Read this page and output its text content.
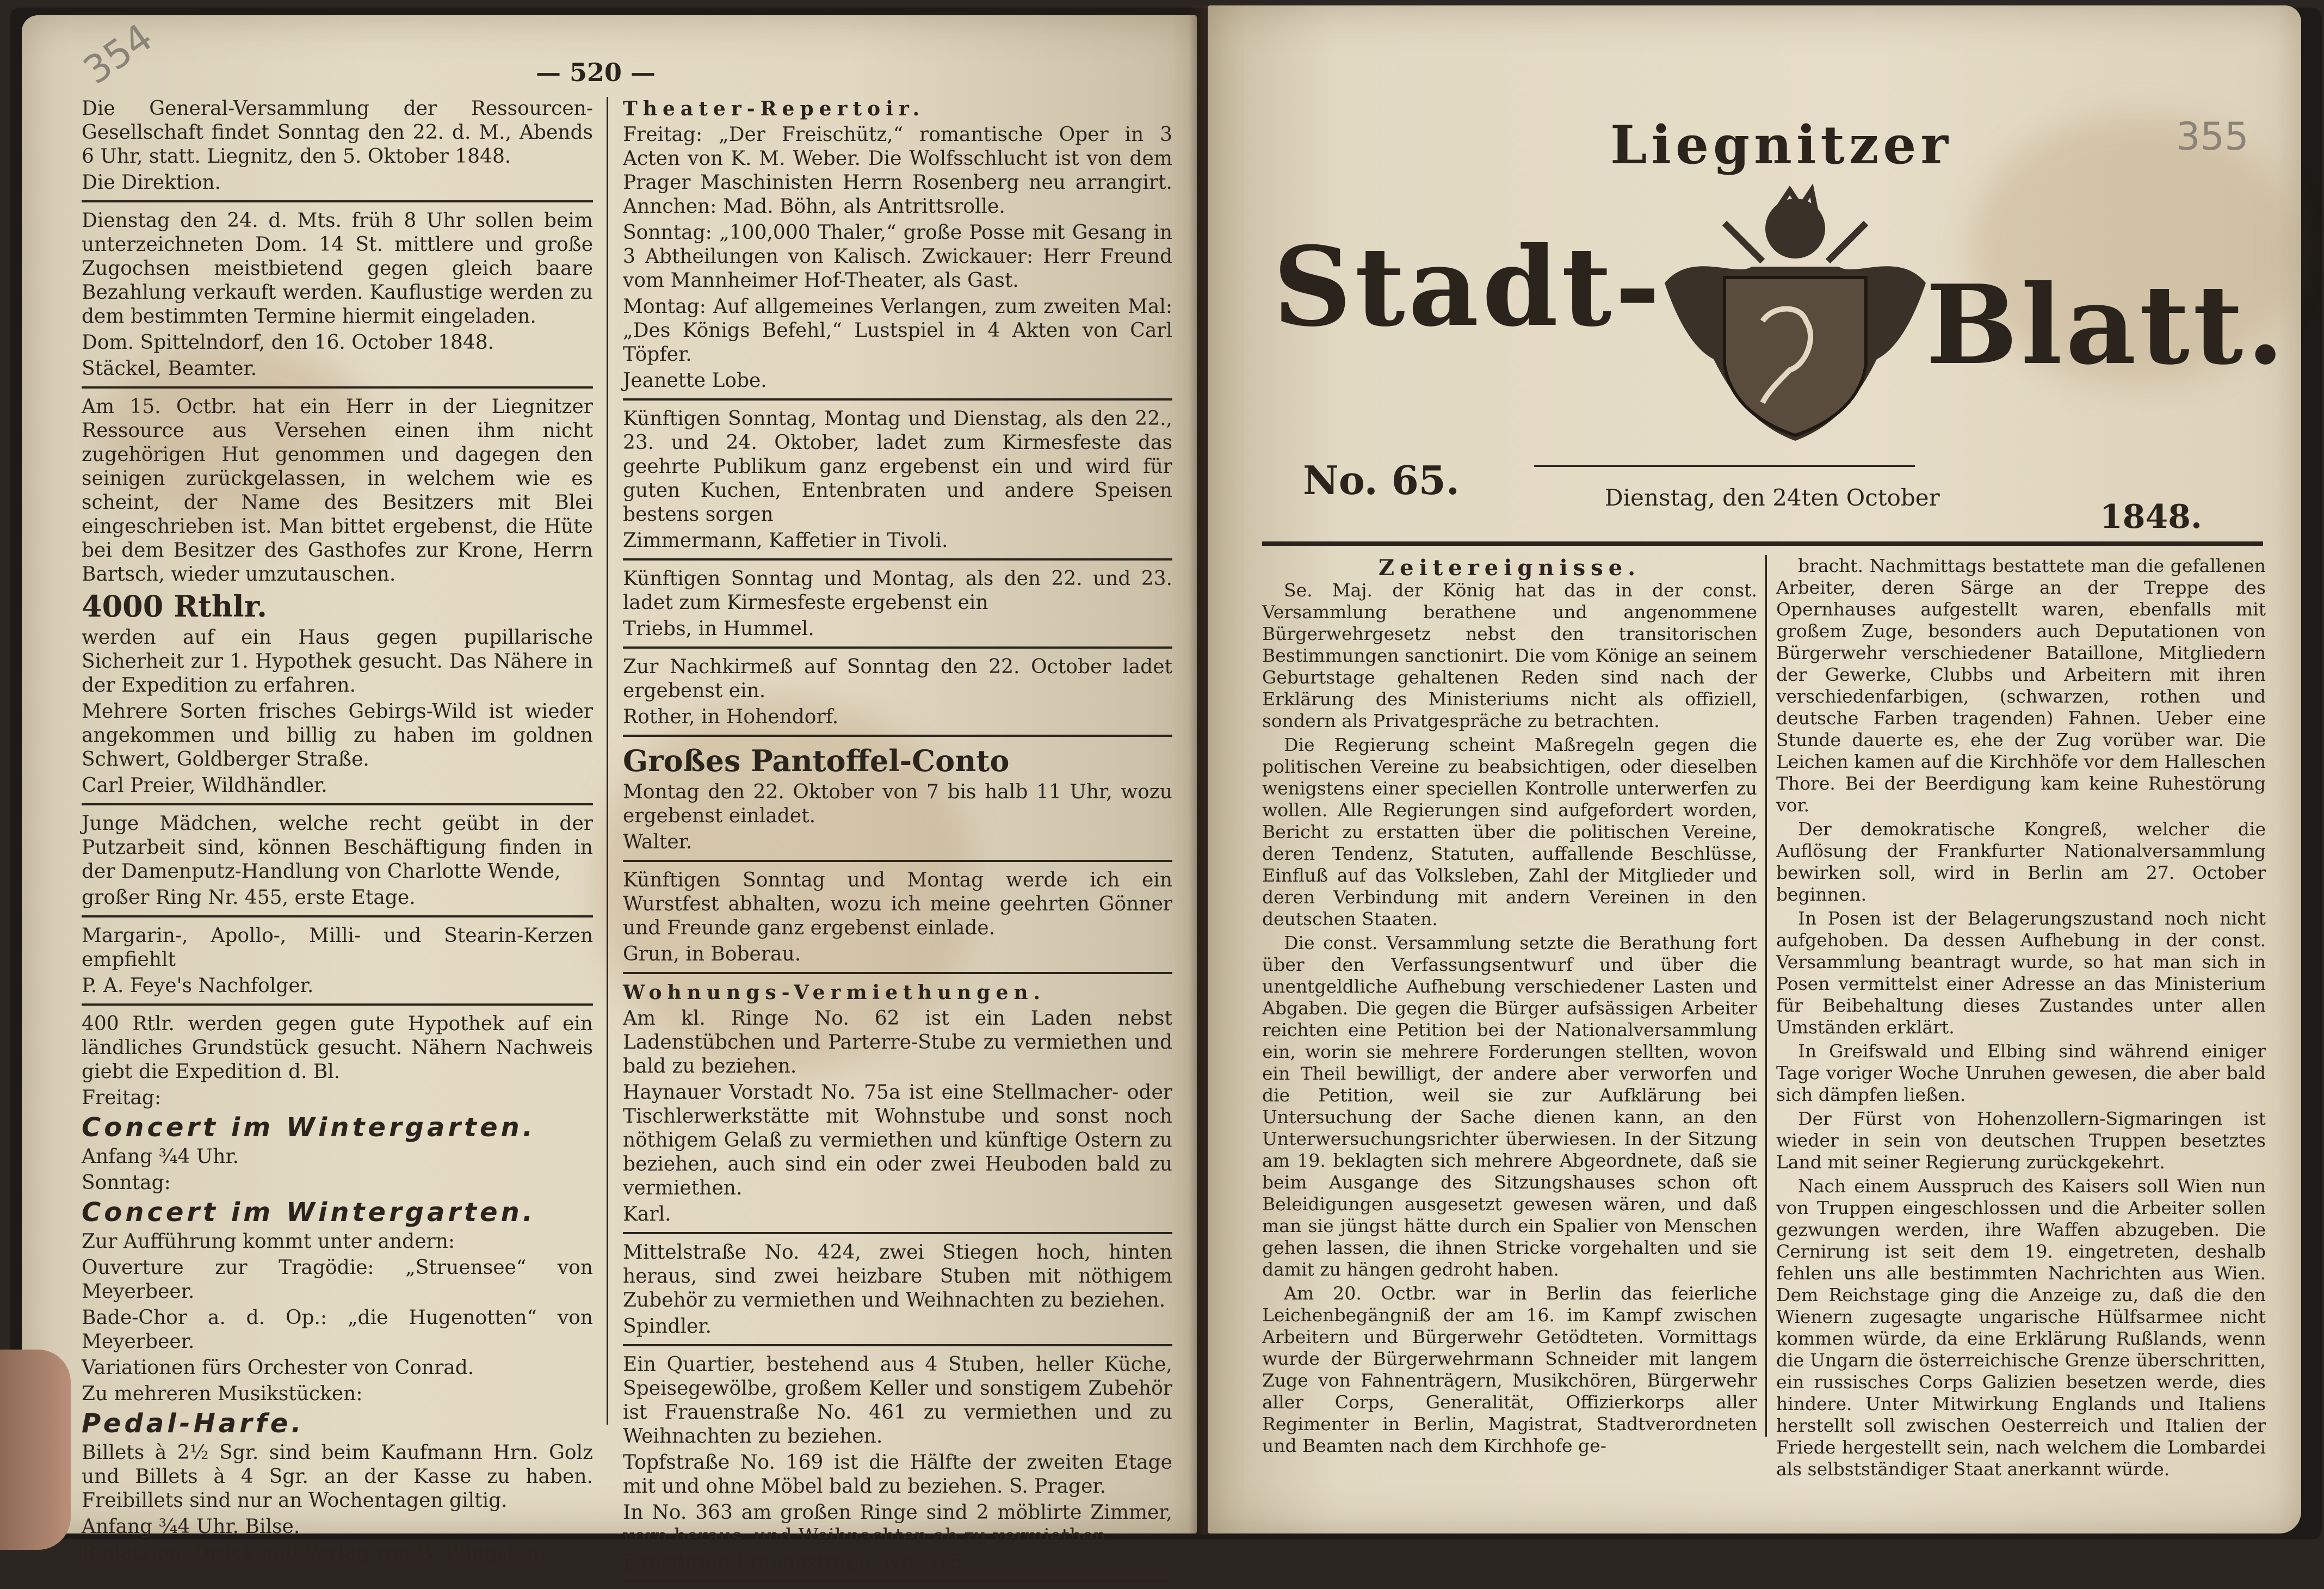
354	— 520 —

Die General-Versammlung der Ressourcen-Gesellschaft findet Sonntag den 22. d. M., Abends 6 Uhr, statt. Liegnitz, den 5. Oktober 1848.

Die Direktion.

Dienstag den 24. d. Mts. früh 8 Uhr sollen beim unterzeichneten Dom. 14 St. mittlere und große Zugochsen meistbietend gegen gleich baare Bezahlung verkauft werden. Kauflustige werden zu dem bestimmten Termine hiermit eingeladen.

Dom. Spittelndorf, den 16. October 1848.

Stäckel, Beamter.

Am 15. Octbr. hat ein Herr in der Liegnitzer Ressource aus Versehen einen ihm nicht zugehörigen Hut genommen und dagegen den seinigen zurückgelassen, in welchem wie es scheint, der Name des Besitzers mit Blei eingeschrieben ist. Man bittet ergebenst, die Hüte bei dem Besitzer des Gasthofes zur Krone, Herrn Bartsch, wieder umzutauschen.

4000 Rthlr.

werden auf ein Haus gegen pupillarische Sicherheit zur 1. Hypothek gesucht. Das Nähere in der Expedition zu erfahren.

Mehrere Sorten frisches Gebirgs-Wild ist wieder angekommen und billig zu haben im goldnen Schwert, Goldberger Straße.

Carl Preier, Wildhändler.

Junge Mädchen, welche recht geübt in der Putzarbeit sind, können Beschäftigung finden in der Damenputz-Handlung von Charlotte Wende,

großer Ring Nr. 455, erste Etage.

Margarin-, Apollo-, Milli- und Stearin-Kerzen empfiehlt

P. A. Feye's Nachfolger.

400 Rtlr. werden gegen gute Hypothek auf ein ländliches Grundstück gesucht. Nähern Nachweis giebt die Expedition d. Bl.

Freitag:

Concert im Wintergarten.

Anfang ¾4 Uhr.

Sonntag:

Concert im Wintergarten.

Zur Aufführung kommt unter andern:

Ouverture zur Tragödie: „Struensee“ von Meyerbeer.

Bade-Chor a. d. Op.: „die Hugenotten“ von Meyerbeer.

Variationen fürs Orchester von Conrad.

Zu mehreren Musikstücken:

Pedal-Harfe.

Billets à 2½ Sgr. sind beim Kaufmann Hrn. Golz und Billets à 4 Sgr. an der Kasse zu haben. Freibillets sind nur an Wochentagen giltig.

Anfang ¾4 Uhr. Bilse.

Redaction, Druck und Verlag von W. Pfingsten.

Theater-Repertoir.

Freitag: „Der Freischütz,“ romantische Oper in 3 Acten von K. M. Weber. Die Wolfsschlucht ist von dem Prager Maschinisten Herrn Rosenberg neu arrangirt. Annchen: Mad. Böhn, als Antrittsrolle.

Sonntag: „100,000 Thaler,“ große Posse mit Gesang in 3 Abtheilungen von Kalisch. Zwickauer: Herr Freund vom Mannheimer Hof-Theater, als Gast.

Montag: Auf allgemeines Verlangen, zum zweiten Mal: „Des Königs Befehl,“ Lustspiel in 4 Akten von Carl Töpfer.

Jeanette Lobe.

Künftigen Sonntag, Montag und Dienstag, als den 22., 23. und 24. Oktober, ladet zum Kirmesfeste das geehrte Publikum ganz ergebenst ein und wird für guten Kuchen, Entenbraten und andere Speisen bestens sorgen

Zimmermann, Kaffetier in Tivoli.

Künftigen Sonntag und Montag, als den 22. und 23. ladet zum Kirmesfeste ergebenst ein

Triebs, in Hummel.

Zur Nachkirmeß auf Sonntag den 22. October ladet ergebenst ein.

Rother, in Hohendorf.

Großes Pantoffel-Conto

Montag den 22. Oktober von 7 bis halb 11 Uhr, wozu ergebenst einladet.

Walter.

Künftigen Sonntag und Montag werde ich ein Wurstfest abhalten, wozu ich meine geehrten Gönner und Freunde ganz ergebenst einlade.

Grun, in Boberau.

Wohnungs-Vermiethungen.

Am kl. Ringe No. 62 ist ein Laden nebst Ladenstübchen und Parterre-Stube zu vermiethen und bald zu beziehen.

Haynauer Vorstadt No. 75a ist eine Stellmacher- oder Tischlerwerkstätte mit Wohnstube und sonst noch nöthigem Gelaß zu vermiethen und künftige Ostern zu beziehen, auch sind ein oder zwei Heuboden bald zu vermiethen.

Karl.

Mittelstraße No. 424, zwei Stiegen hoch, hinten heraus, sind zwei heizbare Stuben mit nöthigem Zubehör zu vermiethen und Weihnachten zu beziehen.

Spindler.

Ein Quartier, bestehend aus 4 Stuben, heller Küche, Speisegewölbe, großem Keller und sonstigem Zubehör ist Frauenstraße No. 461 zu vermiethen und zu Weihnachten zu beziehen.

Topfstraße No. 169 ist die Hälfte der zweiten Etage mit und ohne Möbel bald zu beziehen. S. Prager.

In No. 363 am großen Ringe sind 2 möblirte Zimmer, vorn heraus, und Weihnachten ab zu vermiethen.

Expedition Frauenstraße: No. 515.

355
Liegnitzer
Stadt- Blatt.
No. 65.	Dienstag, den 24ten October
1848.
Zeitereignisse.

Se. Maj. der König hat das in der const. Versammlung berathene und angenommene Bürgerwehrgesetz nebst den transitorischen Bestimmungen sanctionirt. Die vom Könige an seinem Geburtstage gehaltenen Reden sind nach der Erklärung des Ministeriums nicht als offiziell, sondern als Privatgespräche zu betrachten.

Die Regierung scheint Maßregeln gegen die politischen Vereine zu beabsichtigen, oder dieselben wenigstens einer speciellen Kontrolle unterwerfen zu wollen. Alle Regierungen sind aufgefordert worden, Bericht zu erstatten über die politischen Vereine, deren Tendenz, Statuten, auffallende Beschlüsse, Einfluß auf das Volksleben, Zahl der Mitglieder und deren Verbindung mit andern Vereinen in den deutschen Staaten.

Die const. Versammlung setzte die Berathung fort über den Verfassungsentwurf und über die unentgeldliche Aufhebung verschiedener Lasten und Abgaben. Die gegen die Bürger aufsässigen Arbeiter reichten eine Petition bei der Nationalversammlung ein, worin sie mehrere Forderungen stellten, wovon ein Theil bewilligt, der andere aber verworfen und die Petition, weil sie zur Aufklärung bei Untersuchung der Sache dienen kann, an den Unterwersuchungsrichter überwiesen. In der Sitzung am 19. beklagten sich mehrere Abgeordnete, daß sie beim Ausgange des Sitzungshauses schon oft Beleidigungen ausgesetzt gewesen wären, und daß man sie jüngst hätte durch ein Spalier von Menschen gehen lassen, die ihnen Stricke vorgehalten und sie damit zu hängen gedroht haben.

Am 20. Octbr. war in Berlin das feierliche Leichenbegängniß der am 16. im Kampf zwischen Arbeitern und Bürgerwehr Getödteten. Vormittags wurde der Bürgerwehrmann Schneider mit langem Zuge von Fahnenträgern, Musikchören, Bürgerwehr aller Corps, Generalität, Offizierkorps aller Regimenter in Berlin, Magistrat, Stadtverordneten und Beamten nach dem Kirchhofe ge-

bracht. Nachmittags bestattete man die gefallenen Arbeiter, deren Särge an der Treppe des Opernhauses aufgestellt waren, ebenfalls mit großem Zuge, besonders auch Deputationen von Bürgerwehr verschiedener Bataillone, Mitgliedern der Gewerke, Clubbs und Arbeitern mit ihren verschiedenfarbigen, (schwarzen, rothen und deutsche Farben tragenden) Fahnen. Ueber eine Stunde dauerte es, ehe der Zug vorüber war. Die Leichen kamen auf die Kirchhöfe vor dem Halleschen Thore. Bei der Beerdigung kam keine Ruhestörung vor.

Der demokratische Kongreß, welcher die Auflösung der Frankfurter Nationalversammlung bewirken soll, wird in Berlin am 27. October beginnen.

In Posen ist der Belagerungszustand noch nicht aufgehoben. Da dessen Aufhebung in der const. Versammlung beantragt wurde, so hat man sich in Posen vermittelst einer Adresse an das Ministerium für Beibehaltung dieses Zustandes unter allen Umständen erklärt.

In Greifswald und Elbing sind während einiger Tage voriger Woche Unruhen gewesen, die aber bald sich dämpfen ließen.

Der Fürst von Hohenzollern-Sigmaringen ist wieder in sein von deutschen Truppen besetztes Land mit seiner Regierung zurückgekehrt.

Nach einem Ausspruch des Kaisers soll Wien nun von Truppen eingeschlossen und die Arbeiter sollen gezwungen werden, ihre Waffen abzugeben. Die Cernirung ist seit dem 19. eingetreten, deshalb fehlen uns alle bestimmten Nachrichten aus Wien. Dem Reichstage ging die Anzeige zu, daß die den Wienern zugesagte ungarische Hülfsarmee nicht kommen würde, da eine Erklärung Rußlands, wenn die Ungarn die österreichische Grenze überschritten, ein russisches Corps Galizien besetzen werde, dies hindere. Unter Mitwirkung Englands und Italiens herstellt soll zwischen Oesterreich und Italien der Friede hergestellt sein, nach welchem die Lombardei als selbstständiger Staat anerkannt würde.
